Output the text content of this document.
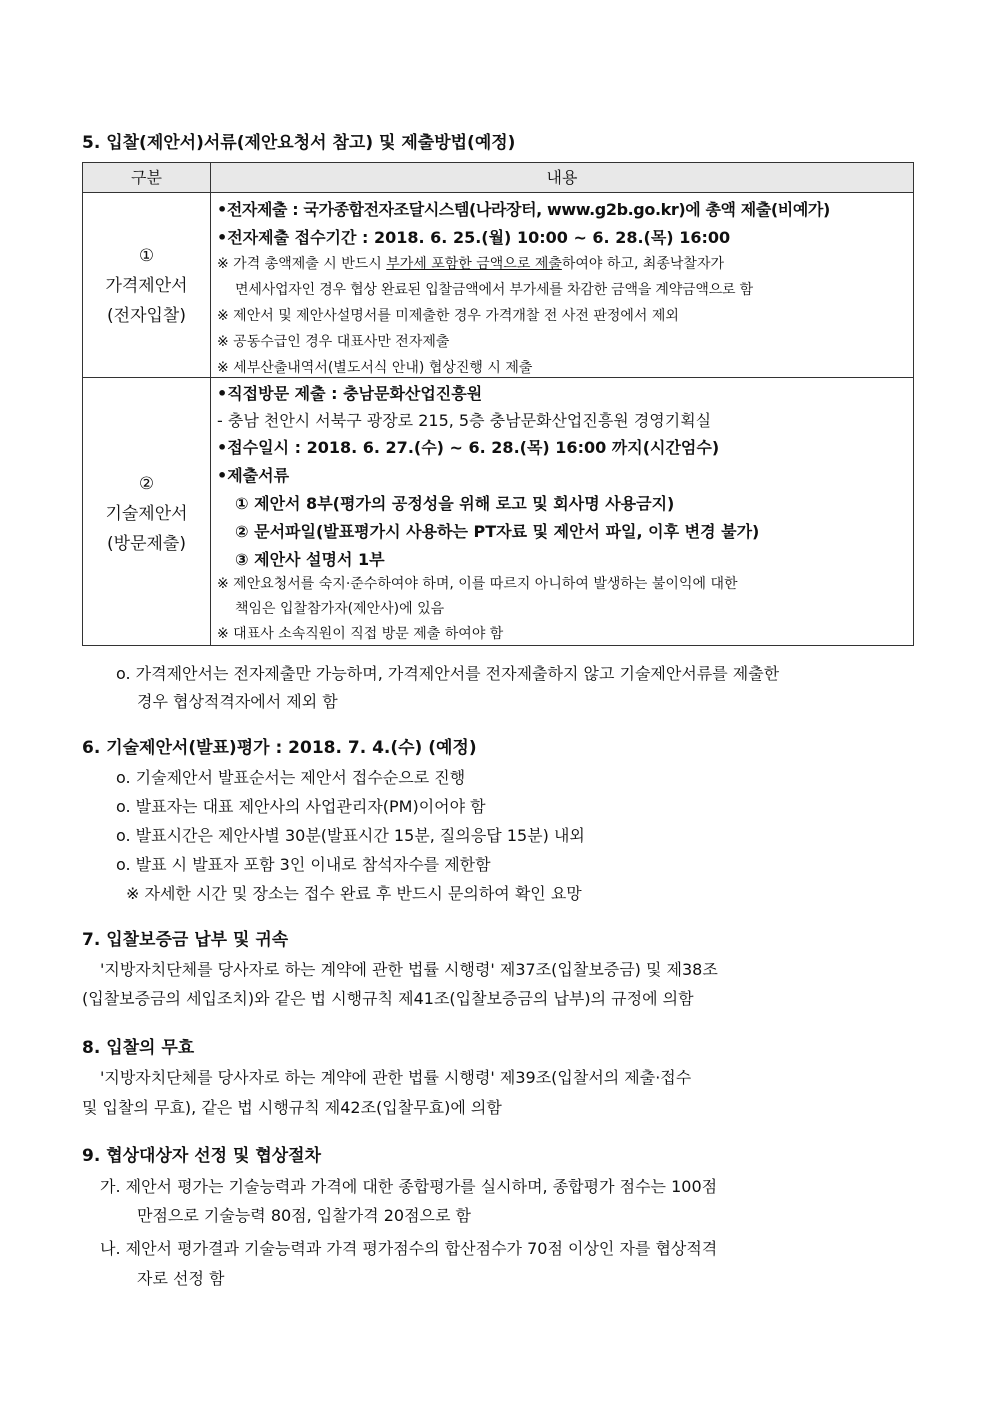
5. 입찰(제안서)서류(제안요청서 참고) 및 제출방법(예정)
구분	내용
①
가격제안서
(전자입찰)
•전자제출 : 국가종합전자조달시스템(나라장터, www.g2b.go.kr)에 총액 제출(비예가)
•전자제출 접수기간 : 2018. 6. 25.(월) 10:00 ~ 6. 28.(목) 16:00
※ 가격 총액제출 시 반드시 부가세 포함한 금액으로 제출하여야 하고, 최종낙찰자가
면세사업자인 경우 협상 완료된 입찰금액에서 부가세를 차감한 금액을 계약금액으로 함
※ 제안서 및 제안사설명서를 미제출한 경우 가격개찰 전 사전 판정에서 제외
※ 공동수급인 경우 대표사만 전자제출
※ 세부산출내역서(별도서식 안내) 협상진행 시 제출
②
기술제안서
(방문제출)
•직접방문 제출 : 충남문화산업진흥원
- 충남 천안시 서북구 광장로 215, 5층 충남문화산업진흥원 경영기획실
•접수일시 : 2018. 6. 27.(수) ~ 6. 28.(목) 16:00 까지(시간엄수)
•제출서류
① 제안서 8부(평가의 공정성을 위해 로고 및 회사명 사용금지)
② 문서파일(발표평가시 사용하는 PT자료 및 제안서 파일, 이후 변경 불가)
③ 제안사 설명서 1부
※ 제안요청서를 숙지·준수하여야 하며, 이를 따르지 아니하여 발생하는 불이익에 대한
책임은 입찰참가자(제안사)에 있음
※ 대표사 소속직원이 직접 방문 제출 하여야 함
o. 가격제안서는 전자제출만 가능하며, 가격제안서를 전자제출하지 않고 기술제안서류를 제출한
경우 협상적격자에서 제외 함
6. 기술제안서(발표)평가 : 2018. 7. 4.(수) (예정)
o. 기술제안서 발표순서는 제안서 접수순으로 진행
o. 발표자는 대표 제안사의 사업관리자(PM)이어야 함
o. 발표시간은 제안사별 30분(발표시간 15분, 질의응답 15분) 내외
o. 발표 시 발표자 포함 3인 이내로 참석자수를 제한함
※ 자세한 시간 및 장소는 접수 완료 후 반드시 문의하여 확인 요망
7. 입찰보증금 납부 및 귀속
'지방자치단체를 당사자로 하는 계약에 관한 법률 시행령' 제37조(입찰보증금) 및 제38조
(입찰보증금의 세입조치)와 같은 법 시행규칙 제41조(입찰보증금의 납부)의 규정에 의함
8. 입찰의 무효
'지방자치단체를 당사자로 하는 계약에 관한 법률 시행령' 제39조(입찰서의 제출·접수
및 입찰의 무효), 같은 법 시행규칙 제42조(입찰무효)에 의함
9. 협상대상자 선정 및 협상절차
가. 제안서 평가는 기술능력과 가격에 대한 종합평가를 실시하며, 종합평가 점수는 100점
만점으로 기술능력 80점, 입찰가격 20점으로 함
나. 제안서 평가결과 기술능력과 가격 평가점수의 합산점수가 70점 이상인 자를 협상적격
자로 선정 함
